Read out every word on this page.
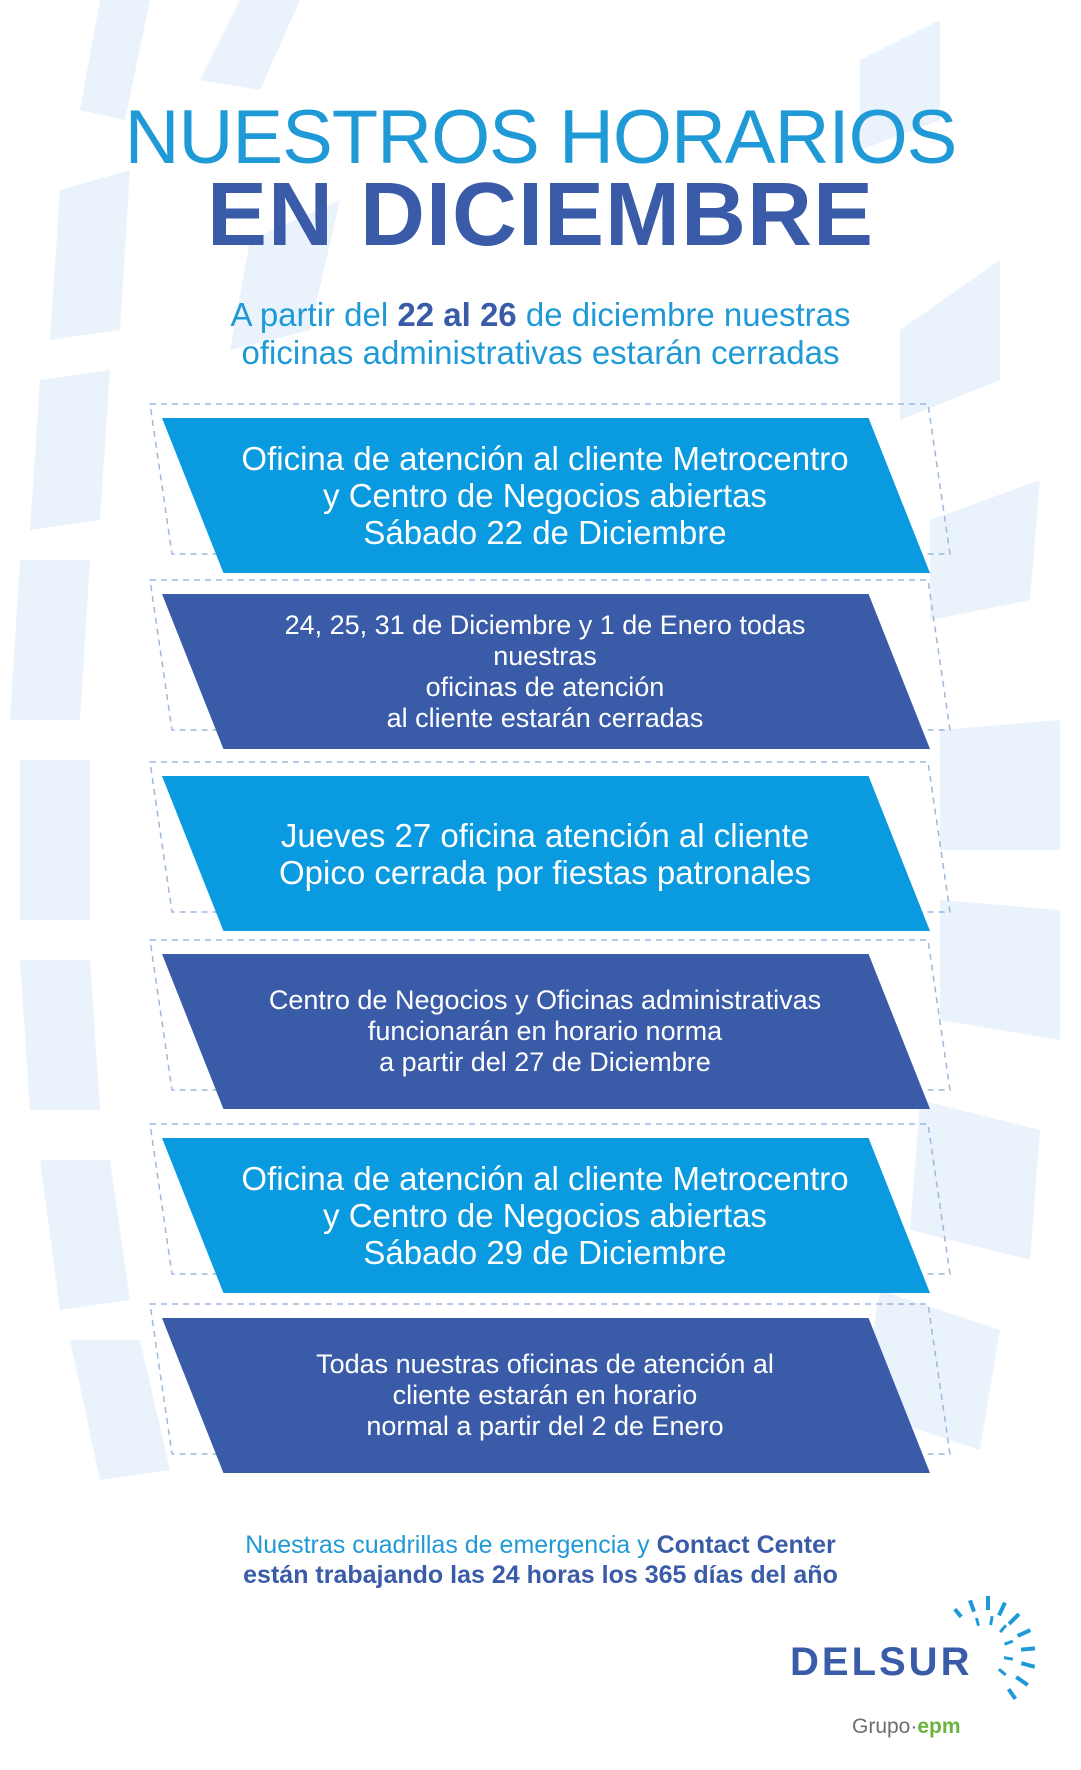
NUESTROS HORARIOS
EN DICIEMBRE
A partir del 22 al 26 de diciembre nuestras
oficinas administrativas estarán cerradas
Oficina de atención al cliente Metrocentro
y Centro de Negocios abiertas
Sábado 22 de Diciembre
24, 25, 31 de Diciembre y 1 de Enero todas nuestras
oficinas de atención
al cliente estarán cerradas
Jueves 27 oficina atención al cliente
Opico cerrada por fiestas patronales
Centro de Negocios y Oficinas administrativas
funcionarán en horario norma
a partir del 27 de Diciembre
Oficina de atención al cliente Metrocentro
y Centro de Negocios abiertas
Sábado 29 de Diciembre
Todas nuestras oficinas de atención al
cliente estarán en horario
normal a partir del 2 de Enero
Nuestras cuadrillas de emergencia y Contact Center
están trabajando las 24 horas los 365 días del año
DELSUR
Grupo·epm
